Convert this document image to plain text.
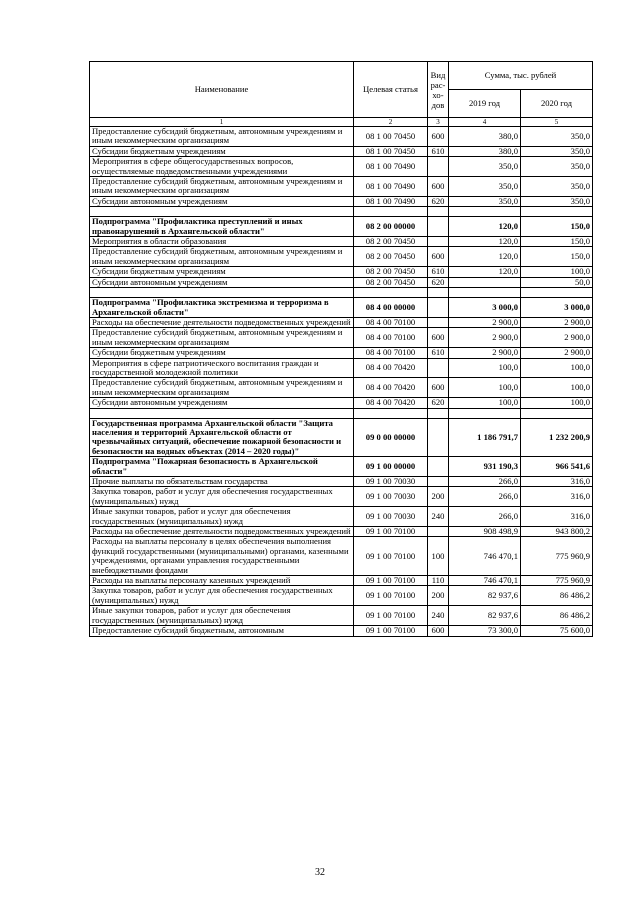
Наименование	Целевая статья	Вид
рас-
хо-
дов	Сумма, тыс. рублей	
			2019 год	2020 год
1	2	3	4	5
Предоставление субсидий бюджетным, автономным учреждениям и иным некоммерческим организациям	08 1 00 70450	600	380,0	350,0
Субсидии бюджетным учреждениям	08 1 00 70450	610	380,0	350,0
Мероприятия в сфере общегосударственных вопросов, осуществляемые подведомственными учреждениями	08 1 00 70490		350,0	350,0
Предоставление субсидий бюджетным, автономным учреждениям и иным некоммерческим организациям	08 1 00 70490	600	350,0	350,0
Субсидии автономным учреждениям	08 1 00 70490	620	350,0	350,0

Подпрограмма "Профилактика преступлений и иных правонарушений в Архангельской области"	08 2 00 00000		120,0	150,0
Мероприятия в области образования	08 2 00 70450		120,0	150,0
Предоставление субсидий бюджетным, автономным учреждениям и иным некоммерческим организациям	08 2 00 70450	600	120,0	150,0
Субсидии бюджетным учреждениям	08 2 00 70450	610	120,0	100,0
Субсидии автономным учреждениям	08 2 00 70450	620		50,0

Подпрограмма "Профилактика экстремизма и терроризма в Архангельской области"	08 4 00 00000		3 000,0	3 000,0
Расходы на обеспечение деятельности подведомственных учреждений	08 4 00 70100		2 900,0	2 900,0
Предоставление субсидий бюджетным, автономным учреждениям и иным некоммерческим организациям	08 4 00 70100	600	2 900,0	2 900,0
Субсидии бюджетным учреждениям	08 4 00 70100	610	2 900,0	2 900,0
Мероприятия в сфере патриотического воспитания граждан и государственной молодежной политики	08 4 00 70420		100,0	100,0
Предоставление субсидий бюджетным, автономным учреждениям и иным некоммерческим организациям	08 4 00 70420	600	100,0	100,0
Субсидии автономным учреждениям	08 4 00 70420	620	100,0	100,0

Государственная программа Архангельской области "Защита населения и территорий Архангельской области от чрезвычайных ситуаций, обеспечение пожарной безопасности и безопасности на водных объектах (2014 – 2020 годы)"	09 0 00 00000		1 186 791,7	1 232 200,9
Подпрограмма "Пожарная безопасность в Архангельской области"	09 1 00 00000		931 190,3	966 541,6
Прочие выплаты по обязательствам государства	09 1 00 70030		266,0	316,0
Закупка товаров, работ и услуг для обеспечения государственных (муниципальных) нужд	09 1 00 70030	200	266,0	316,0
Иные закупки товаров, работ и услуг для обеспечения государственных (муниципальных) нужд	09 1 00 70030	240	266,0	316,0
Расходы на обеспечение деятельности подведомственных учреждений	09 1 00 70100		908 498,9	943 800,2
Расходы на выплаты персоналу в целях обеспечения выполнения функций государственными (муниципальными) органами, казенными учреждениями, органами управления государственными внебюджетными фондами	09 1 00 70100	100	746 470,1	775 960,9
Расходы на выплаты персоналу казенных учреждений	09 1 00 70100	110	746 470,1	775 960,9
Закупка товаров, работ и услуг для обеспечения государственных (муниципальных) нужд	09 1 00 70100	200	82 937,6	86 486,2
Иные закупки товаров, работ и услуг для обеспечения государственных (муниципальных) нужд	09 1 00 70100	240	82 937,6	86 486,2
Предоставление субсидий бюджетным, автономным	09 1 00 70100	600	73 300,0	75 600,0
32
